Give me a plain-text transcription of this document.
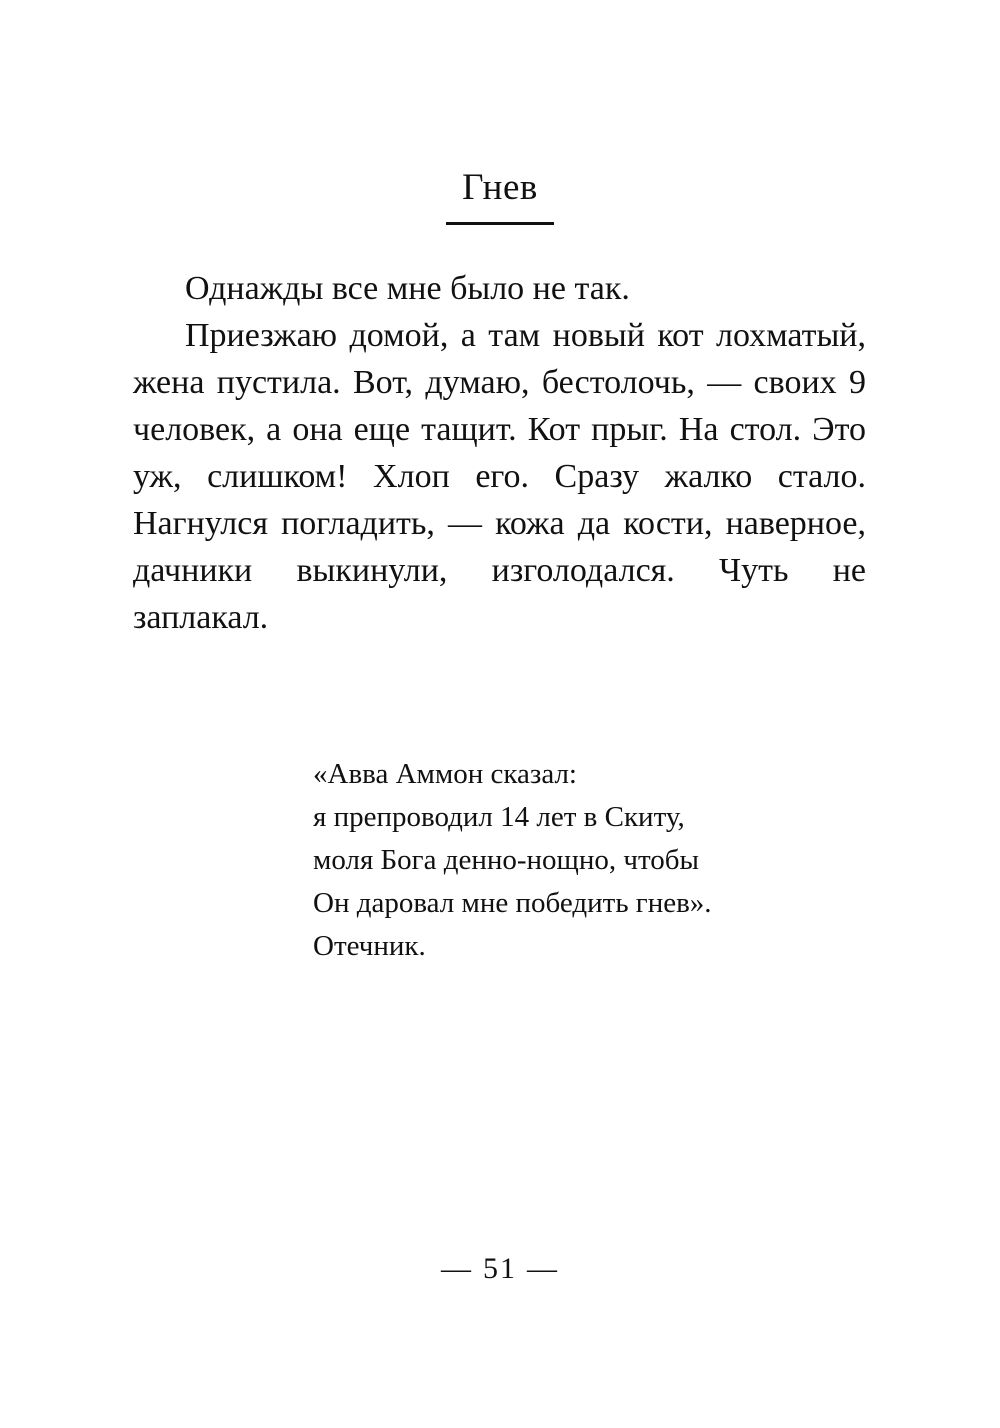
Гнев

Однажды все мне было не так.

Приезжаю домой, а там новый кот лохматый, жена пустила. Вот, думаю, бестолочь, — своих 9 человек, а она еще тащит. Кот прыг. На стол. Это уж, слишком! Хлоп его. Сразу жалко стало. Нагнулся погладить, — кожа да кости, наверное, дачники выкинули, изголодался. Чуть не заплакал.

«Авва Аммон сказал:

я препроводил 14 лет в Скиту,

моля Бога денно-нощно, чтобы

Он даровал мне победить гнев».

Отечник.

— 51 —
